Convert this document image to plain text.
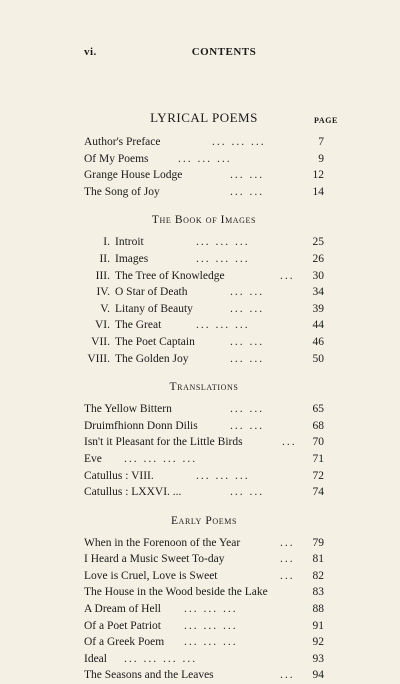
vi.	CONTENTS
LYRICAL POEMS	PAGE
Author's Preface	... ... ...	7
Of My Poems	... ... ...	9
Grange House Lodge	... ...	12
The Song of Joy	... ...	14
The Book of Images
I. Introit	... ... ...	25
II. Images	... ... ...	26
III. The Tree of Knowledge	...	30
IV. O Star of Death	... ...	34
V. Litany of Beauty	... ...	39
VI. The Great	... ... ...	44
VII. The Poet Captain	... ...	46
VIII. The Golden Joy	... ...	50
Translations
The Yellow Bittern	... ...	65
Druimfhionn Donn Dilis	... ...	68
Isn't it Pleasant for the Little Birds	...	70
Eve ... ... ... ...	71
Catullus : VIII.	... ... ...	72
Catullus : LXXVI. ...	... ...	74
Early Poems
When in the Forenoon of the Year	...	79
I Heard a Music Sweet To-day	...	81
Love is Cruel, Love is Sweet	...	82
The House in the Wood beside the Lake	83
A Dream of Hell ... ... ...	88
Of a Poet Patriot ... ... ...	91
Of a Greek Poem ... ... ...	92
Ideal ... ... ... ...	93
The Seasons and the Leaves	...	94
